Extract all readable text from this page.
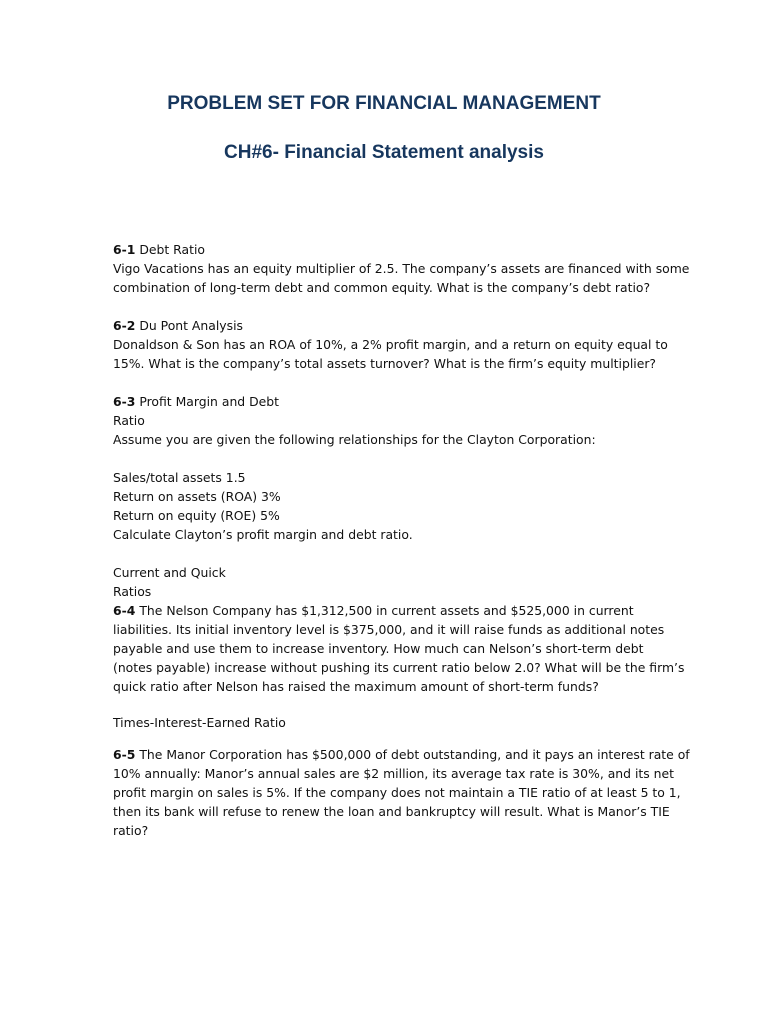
PROBLEM SET FOR FINANCIAL MANAGEMENT
CH#6- Financial Statement analysis
6-1 Debt Ratio
Vigo Vacations has an equity multiplier of 2.5. The company’s assets are financed with some
combination of long-term debt and common equity. What is the company’s debt ratio?
6-2 Du Pont Analysis
Donaldson & Son has an ROA of 10%, a 2% profit margin, and a return on equity equal to
15%. What is the company’s total assets turnover? What is the firm’s equity multiplier?
6-3 Profit Margin and Debt
Ratio
Assume you are given the following relationships for the Clayton Corporation:
Sales/total assets 1.5
Return on assets (ROA) 3%
Return on equity (ROE) 5%
Calculate Clayton’s profit margin and debt ratio.
Current and Quick
Ratios
6-4 The Nelson Company has $1,312,500 in current assets and $525,000 in current
liabilities. Its initial inventory level is $375,000, and it will raise funds as additional notes
payable and use them to increase inventory. How much can Nelson’s short-term debt
(notes payable) increase without pushing its current ratio below 2.0? What will be the firm’s
quick ratio after Nelson has raised the maximum amount of short-term funds?
Times-Interest-Earned Ratio
6-5 The Manor Corporation has $500,000 of debt outstanding, and it pays an interest rate of
10% annually: Manor’s annual sales are $2 million, its average tax rate is 30%, and its net
profit margin on sales is 5%. If the company does not maintain a TIE ratio of at least 5 to 1,
then its bank will refuse to renew the loan and bankruptcy will result. What is Manor’s TIE
ratio?
